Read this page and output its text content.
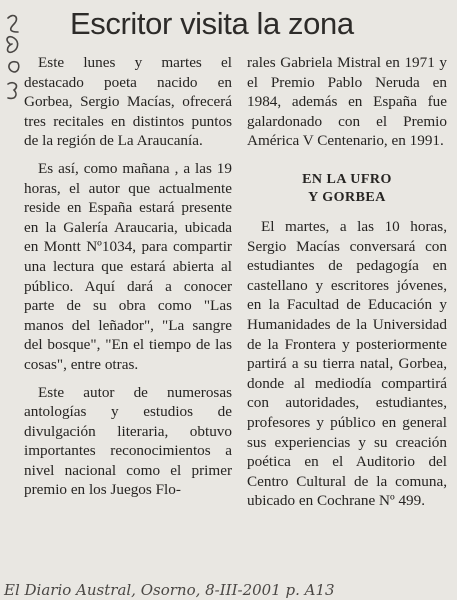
Escritor visita la zona

Este lunes y martes el destacado poeta nacido en Gorbea, Sergio Macías, ofrecerá tres recitales en distintos puntos de la región de La Araucanía.

Es así, como mañana , a las 19 horas, el autor que actualmente reside en España estará presente en la Galería Araucaria, ubicada en Montt Nº1034, para compartir una lectura que estará abierta al público. Aquí dará a conocer parte de su obra como "Las manos del leñador", "La sangre del bosque", "En el tiempo de las cosas", entre otras.

Este autor de numerosas antologías y estudios de divulgación literaria, obtuvo importantes reconocimientos a nivel nacional como el primer premio en los Juegos Flo-

rales Gabriela Mistral en 1971 y el Premio Pablo Neruda en 1984, además en España fue galardonado con el Premio América V Centenario, en 1991.

EN LA UFRO
Y GORBEA

El martes, a las 10 horas, Sergio Macías conversará con estudiantes de pedagogía en castellano y escritores jóvenes, en la Facultad de Educación y Humanidades de la Universidad de la Frontera y posteriormente partirá a su tierra natal, Gorbea, donde al mediodía compartirá con autoridades, estudiantes, profesores y público en general sus experiencias y su creación poética en el Auditorio del Centro Cultural de la comuna, ubicado en Cochrane Nº 499.

El Diario Austral, Osorno, 8-III-2001 p. A13
